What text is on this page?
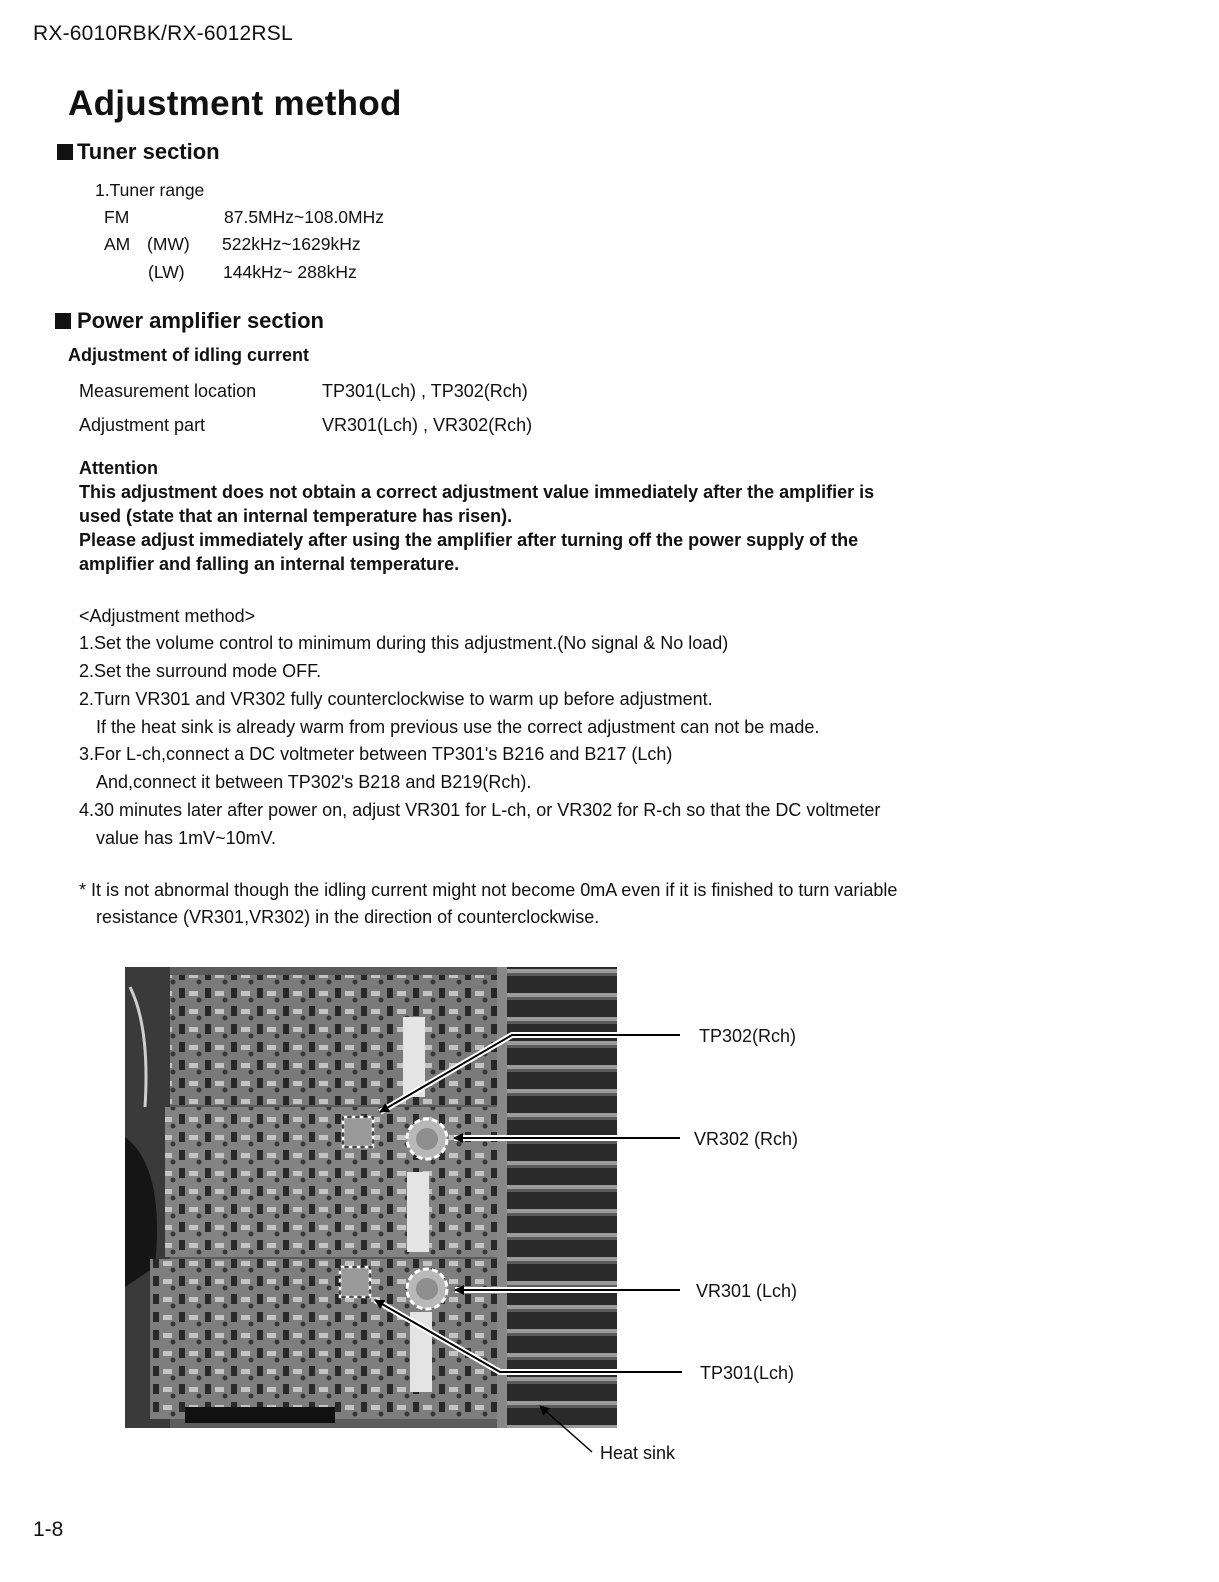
RX-6010RBK/RX-6012RSL
Adjustment method
Tuner section
1.Tuner range
FM	87.5MHz~108.0MHz
AM (MW) 522kHz~1629kHz
(LW) 144kHz~ 288kHz
Power amplifier section
Adjustment of idling current
Measurement location	TP301(Lch) , TP302(Rch)
Adjustment part	VR301(Lch) , VR302(Rch)
Attention
This adjustment does not obtain a correct adjustment value immediately after the amplifier is
used (state that an internal temperature has risen).
Please adjust immediately after using the amplifier after turning off the power supply of the
amplifier and falling an internal temperature.
<Adjustment method>
1.Set the volume control to minimum during this adjustment.(No signal & No load)
2.Set the surround mode OFF.
2.Turn VR301 and VR302 fully counterclockwise to warm up before adjustment.
If the heat sink is already warm from previous use the correct adjustment can not be made.
3.For L-ch,connect a DC voltmeter between TP301's B216 and B217 (Lch)
And,connect it between TP302's B218 and B219(Rch).
4.30 minutes later after power on, adjust VR301 for L-ch, or VR302 for R-ch so that the DC voltmeter
value has 1mV~10mV.
* It is not abnormal though the idling current might not become 0mA even if it is finished to turn variable
resistance (VR301,VR302) in the direction of counterclockwise.
TP302(Rch)
VR302 (Rch)
VR301 (Lch)
TP301(Lch)
Heat sink
1-8
